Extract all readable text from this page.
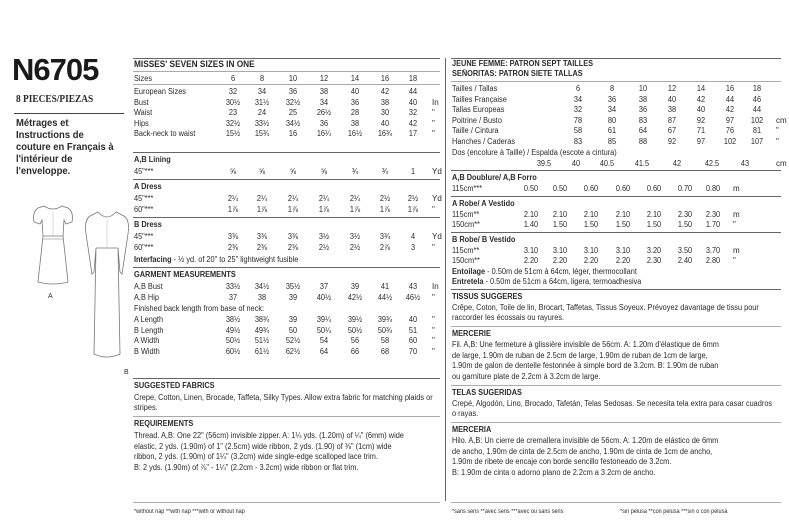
N6705
8 PIECES/PIEZAS
Métrages et Instructions de couture en Français à l'intérieur de l'enveloppe.
A
B
MISSES' SEVEN SIZES IN ONE
Sizes	6	8	10	12	14	16	18
European Sizes	32	34	36	38	40	42	44
Bust	30½	31½	32½	34	36	38	40	In
Waist	23	24	25	26½	28	30	32	"
Hips	32½	33½	34½	36	38	40	42	"
Back-neck to waist	15½	15¾	16	16¼	16½	16¾	17	"
A,B Lining
45"***	⅝	⅝	⅝	⅝	¾	¾	1	Yd
A Dress
45"***	2¼	2¼	2¼	2¼	2¼	2½	2½	Yd
60"***	1⅞	1⅞	1⅞	1⅞	1⅞	1⅞	1⅞	"
B Dress
45"***	3⅜	3⅜	3⅜	3½	3½	3¾	4	Yd
60"***	2⅜	2⅜	2⅜	2½	2½	2⅞	3	"
Interfacing - ½ yd. of 20" to 25" lightweight fusible
GARMENT MEASUREMENTS
A,B Bust	33½	34½	35½	37	39	41	43	In
A,B Hip	37	38	39	40½	42½	44½	46½	"
Finished back length from base of neck:
A Length	38½	38¾	39	39¼	39½	39¾	40	"
B Length	49½	49¾	50	50¼	50½	50¾	51	"
A Width	50½	51½	52½	54	56	58	60	"
B Width	60½	61½	62½	64	66	68	70	"
SUGGESTED FABRICS
Crepe, Cotton, Linen, Brocade, Taffeta, Silky Types. Allow extra fabric for matching plaids or stripes.
REQUIREMENTS
Thread. A,B: One 22" (56cm) invisible zipper. A: 1¼ yds. (1.20m) of ¼" (6mm) wide
elastic, 2 yds. (1.90m) of 1" (2.5cm) wide ribbon, 2 yds. (1.90) of ⅜" (1cm) wide
ribbon, 2 yds. (1.90m) of 1¼" (3.2cm) wide single-edge scalloped lace trim.
B: 2 yds. (1.90m) of ⅞" - 1¼" (2.2cm - 3.2cm) wide ribbon or flat trim.
*without nap **with nap ***with or without nap
JEUNE FEMME: PATRON SEPT TAILLES
SEÑORITAS: PATRON SIETE TALLAS
Tailles / Tallas	6	8	10	12	14	16	18
Tailles Française	34	36	38	40	42	44	46
Tallas Europeas	32	34	36	38	40	42	44
Poitrine / Busto	78	80	83	87	92	97	102	cm
Taille / Cintura	58	61	64	67	71	76	81	"
Hanches / Caderas	83	85	88	92	97	102	107	"
Dos (encolure à Taille) / Espalda (escote a cintura)
39.5	40	40.5	41.5	42	42.5	43	cm
A,B Doublure/ A,B Forro
115cm***	0.50	0.50	0.60	0.60	0.60	0.70	0.80	m
A Robe/ A Vestido
115cm**	2.10	2.10	2.10	2.10	2.10	2.30	2.30	m
150cm**	1.40	1.50	1.50	1.50	1.50	1.50	1.70	"
B Robe/ B Vestido
115cm**	3.10	3.10	3.10	3.10	3.20	3.50	3.70	m
150cm**	2.20	2.20	2.20	2.20	2.30	2.40	2.80	"
Entoilage - 0.50m de 51cm à 64cm, léger, thermocollant
Entretela - 0.50m de 51cm a 64cm, ligera, termoadhesiva
TISSUS SUGGERES
Crêpe, Coton, Toile de lin, Brocart, Taffetas, Tissus Soyeux. Prévoyez davantage de tissu pour raccorder les écossais ou rayures.
MERCERIE
Fil. A,B: Une fermeture à glissière invisible de 56cm. A: 1.20m d'élastique de 6mm
de large, 1.90m de ruban de 2.5cm de large, 1.90m de ruban de 1cm de large,
1.90m de galon de dentelle festonnée à simple bord de 3.2cm. B: 1.90m de ruban
ou garniture plate de 2.2cm à 3.2cm de large.
TELAS SUGERIDAS
Crepé, Algodón, Lino, Brocado, Tafetán, Telas Sedosas. Se necesita tela extra para casar cuadros o rayas.
MERCERIA
Hilo. A,B: Un cierre de cremallera invisible de 56cm. A: 1.20m de elástico de 6mm
de ancho, 1.90m de cinta de 2.5cm de ancho, 1.90m de cinta de 1cm de ancho,
1.90m de ribete de encaje con borde sencillo festoneado de 3.2cm.
B: 1.90m de cinta o adorno plano de 2.2cm a 3.2cm de ancho.
*sans sens **avec sens ***avec ou sans sens	*sin pelusa **con pelusa ***sin o con pelusa
